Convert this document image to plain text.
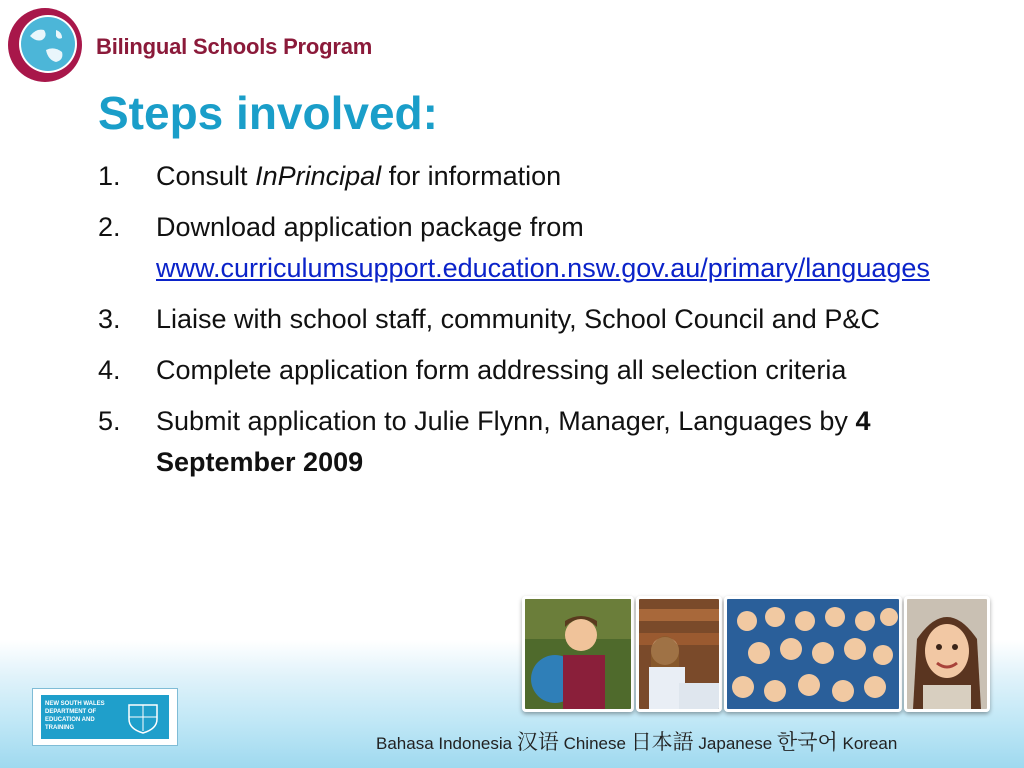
Bilingual Schools Program
Steps involved:
1. Consult InPrincipal for information
2. Download application package from
www.curriculumsupport.education.nsw.gov.au/primary/languages
3. Liaise with school staff, community, School Council and P&C
4. Complete application form addressing all selection criteria
5. Submit application to Julie Flynn, Manager, Languages by 4 September 2009
NEW SOUTH WALES DEPARTMENT OF EDUCATION AND TRAINING
Bahasa Indonesia 汉语 Chinese 日本語 Japanese 한국어 Korean
